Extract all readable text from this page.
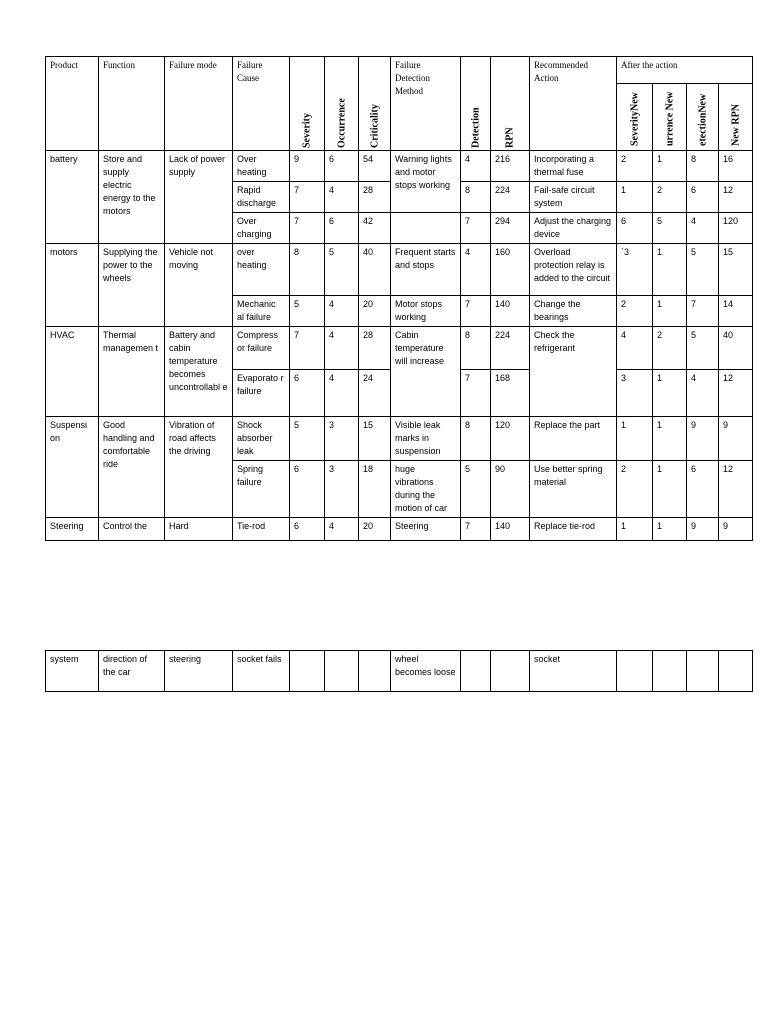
Product	Function	Failure mode	Failure Cause	Severity	Occurrence	Criticality	Failure Detection Method	Detection	RPN	Recommended Action	After the action			

											SeverityNew	urrence New	etectionNew	New RPN

battery	Store and supply electric energy to the motors	Lack of power supply	Over heating	9	6	54	Warning lights and motor stops working	4	216	Incorporating a thermal fuse	2	1	8	16
			Rapid discharge	7	4	28		8	224	Fail-safe circuit system	1	2	6	12
			Over charging	7	6	42		7	294	Adjust the charging device	6	5	4	120
motors	Supplying the power to the wheels	Vehicle not moving	over heating	8	5	40	Frequent starts and stops	4	160	Overload protection relay is added to the circuit	`3	1	5	15
			Mechanic al failure	5	4	20	Motor stops working	7	140	Change the bearings	2	1	7	14
HVAC	Thermal managemen t	Battery and cabin temperature becomes uncontrollabl e	Compress or failure	7	4	28	Cabin temperature will increase	8	224	Check the refrigerant	4	2	5	40
			Evaporato r failure	6	4	24		7	168		3	1	4	12
Suspensi on	Good handling and comfortable ride	Vibration of road affects the driving	Shock absorber leak	5	3	15	Visible leak marks in suspension	8	120	Replace the part	1	1	9	9
			Spring failure	6	3	18	huge vibrations during the motion of car	5	90	Use better spring material	2	1	6	12
Steering	Control the	Hard	Tie-rod	6	4	20	Steering	7	140	Replace tie-rod	1	1	9	9
system	direction of the car	steering	socket fails				wheel becomes loose			socket				
